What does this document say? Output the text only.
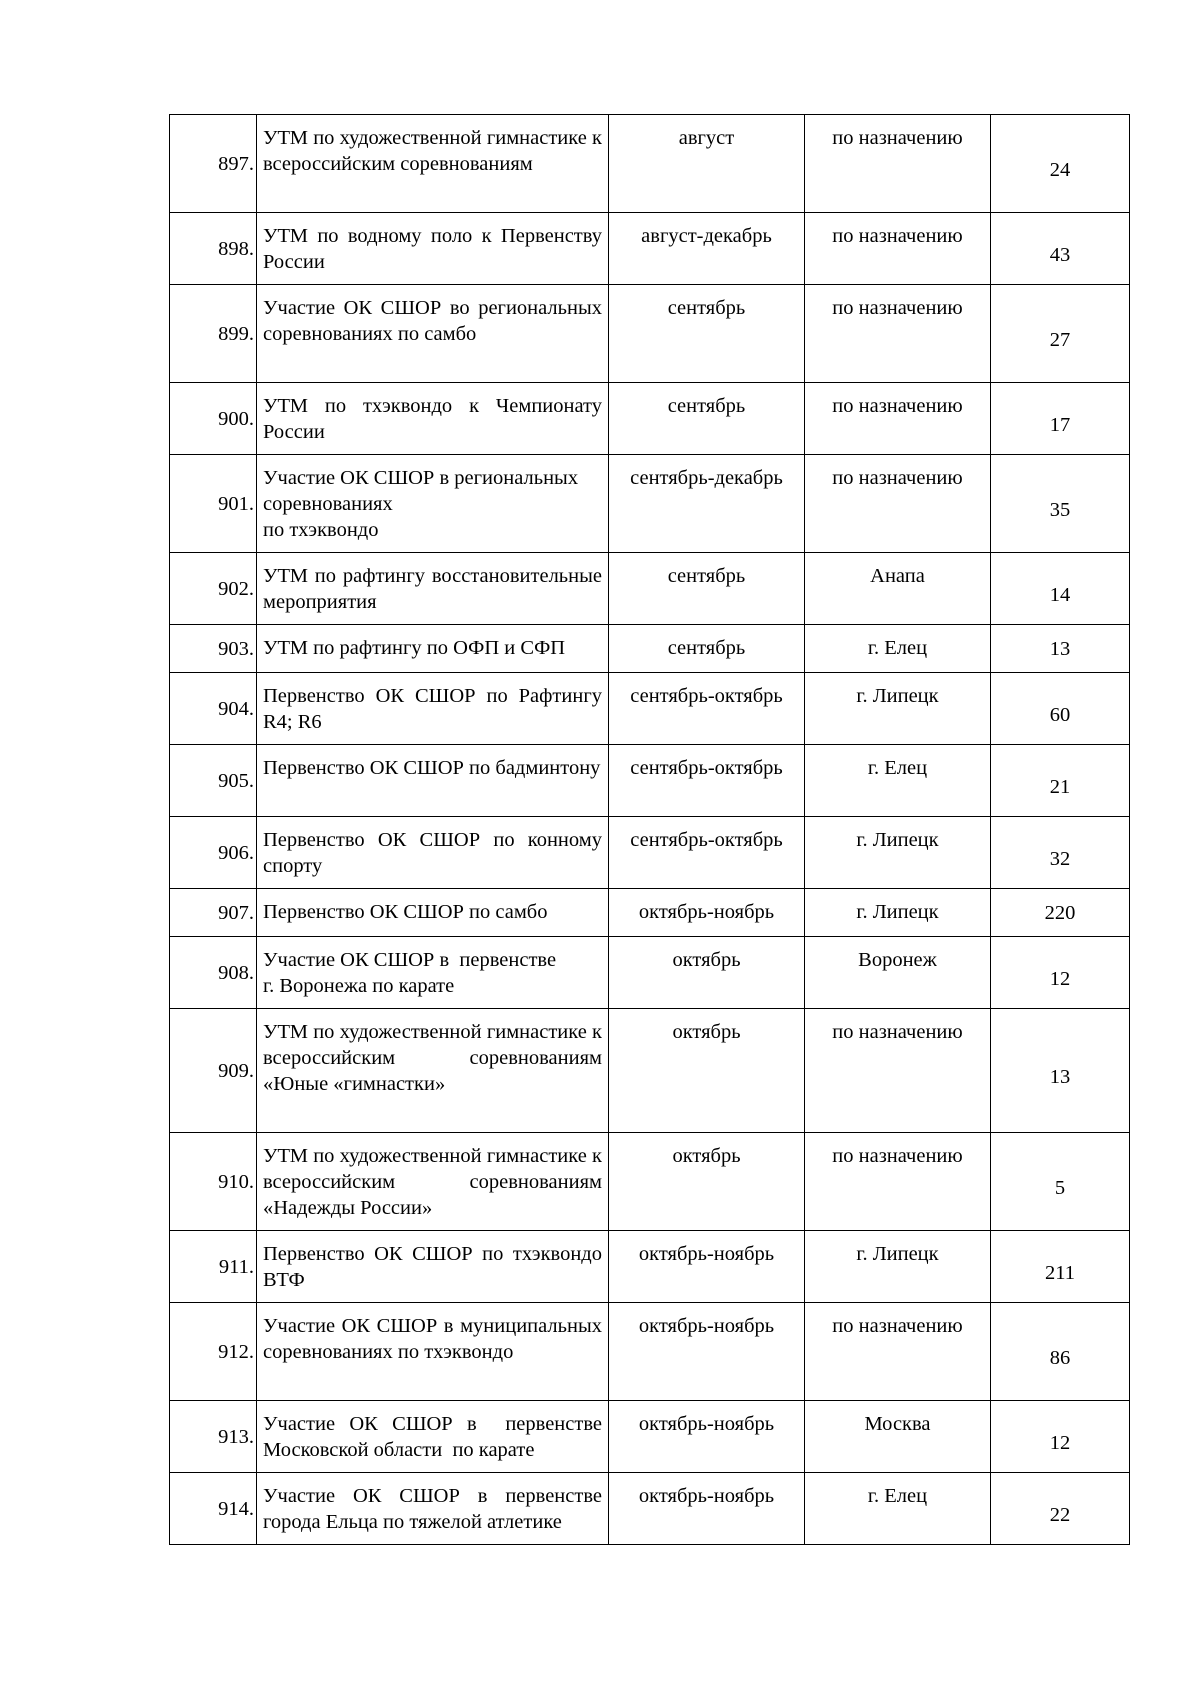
897.	УТМ по художественной гимнастике к всероссийским соревнованиям	август	по назначению	24
898.	УТМ по водному поло к Первенству России	август-декабрь	по назначению	43
899.	Участие ОК СШОР во региональных соревнованиях по самбо	сентябрь	по назначению	27
900.	УТМ по тхэквондо к Чемпионату России	сентябрь	по назначению	17
901.	Участие ОК СШОР в региональных
соревнованиях
по тхэквондо	сентябрь-декабрь	по назначению	35
902.	УТМ по рафтингу восстановительные мероприятия	сентябрь	Анапа	14
903.	УТМ по рафтингу по ОФП и СФП	сентябрь	г. Елец	13
904.	Первенство ОК СШОР по Рафтингу R4; R6	сентябрь-октябрь	г. Липецк	60
905.	Первенство ОК СШОР по бадминтону	сентябрь-октябрь	г. Елец	21
906.	Первенство ОК СШОР по конному спорту	сентябрь-октябрь	г. Липецк	32
907.	Первенство ОК СШОР по самбо	октябрь-ноябрь	г. Липецк	220
908.	Участие ОК СШОР в  первенстве
г. Воронежа по карате	октябрь	Воронеж	12
909.	УТМ по художественной гимнастике к всероссийским соревнованиям «Юные «гимнастки»	октябрь	по назначению	13
910.	УТМ по художественной гимнастике к всероссийским соревнованиям «Надежды России»	октябрь	по назначению	5
911.	Первенство ОК СШОР по тхэквондо ВТФ	октябрь-ноябрь	г. Липецк	211
912.	Участие ОК СШОР в муниципальных соревнованиях по тхэквондо	октябрь-ноябрь	по назначению	86
913.	Участие ОК СШОР в  первенстве Московской области  по карате	октябрь-ноябрь	Москва	12
914.	Участие ОК СШОР в первенстве города Ельца по тяжелой атлетике	октябрь-ноябрь	г. Елец	22
